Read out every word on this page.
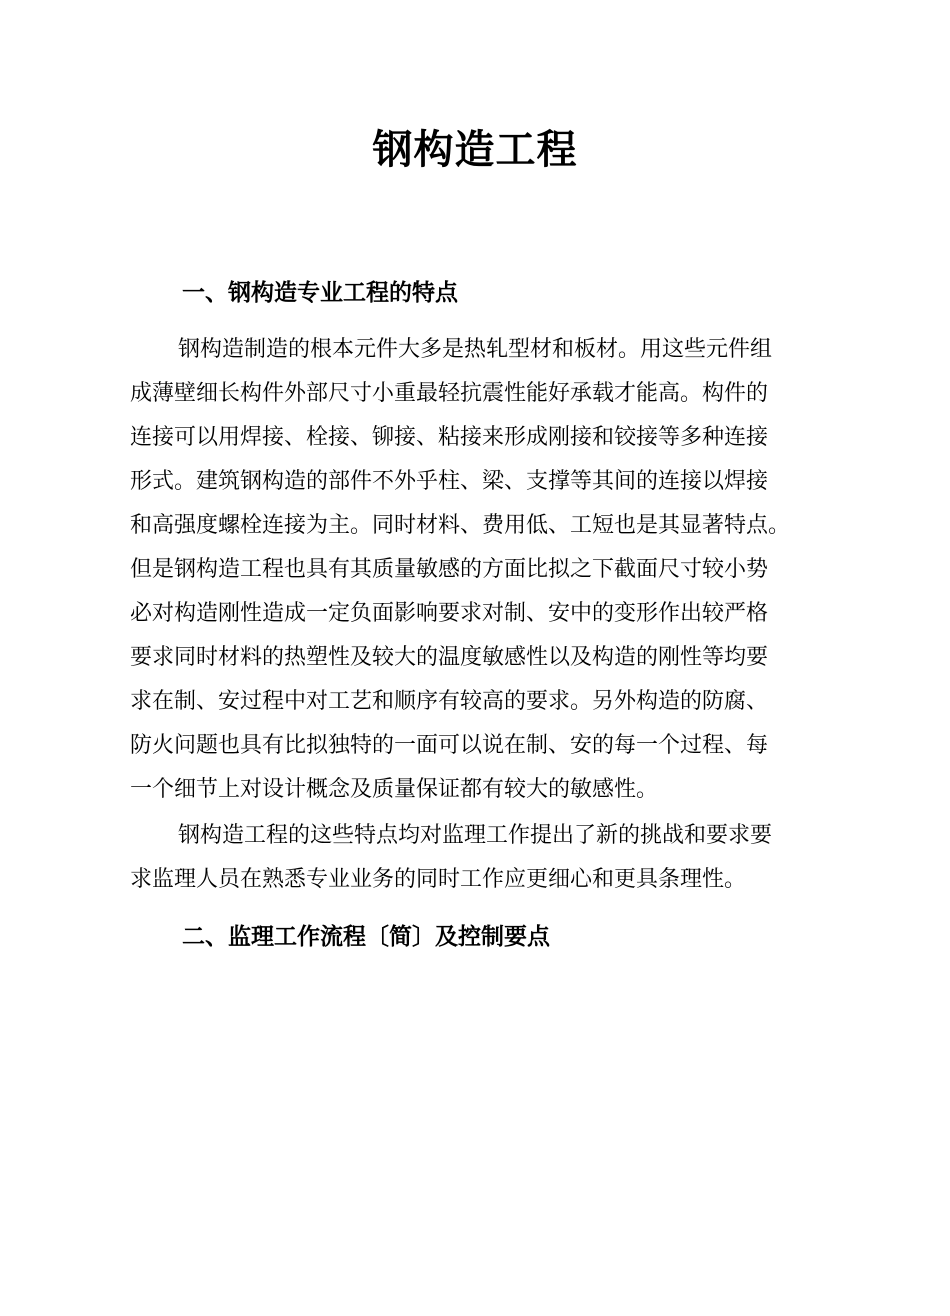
钢构造工程
一、钢构造专业工程的特点

钢构造制造的根本元件大多是热轧型材和板材。用这些元件组
成薄壁细长构件外部尺寸小重最轻抗震性能好承载才能高。构件的
连接可以用焊接、栓接、铆接、粘接来形成刚接和铰接等多种连接
形式。建筑钢构造的部件不外乎柱、梁、支撑等其间的连接以焊接
和高强度螺栓连接为主。同时材料、费用低、工短也是其显著特点。
但是钢构造工程也具有其质量敏感的方面比拟之下截面尺寸较小势
必对构造刚性造成一定负面影响要求对制、安中的变形作出较严格
要求同时材料的热塑性及较大的温度敏感性以及构造的刚性等均要
求在制、安过程中对工艺和顺序有较高的要求。另外构造的防腐、
防火问题也具有比拟独特的一面可以说在制、安的每一个过程、每
一个细节上对设计概念及质量保证都有较大的敏感性。

钢构造工程的这些特点均对监理工作提出了新的挑战和要求要
求监理人员在熟悉专业业务的同时工作应更细心和更具条理性。

二、监理工作流程〔简〕及控制要点
